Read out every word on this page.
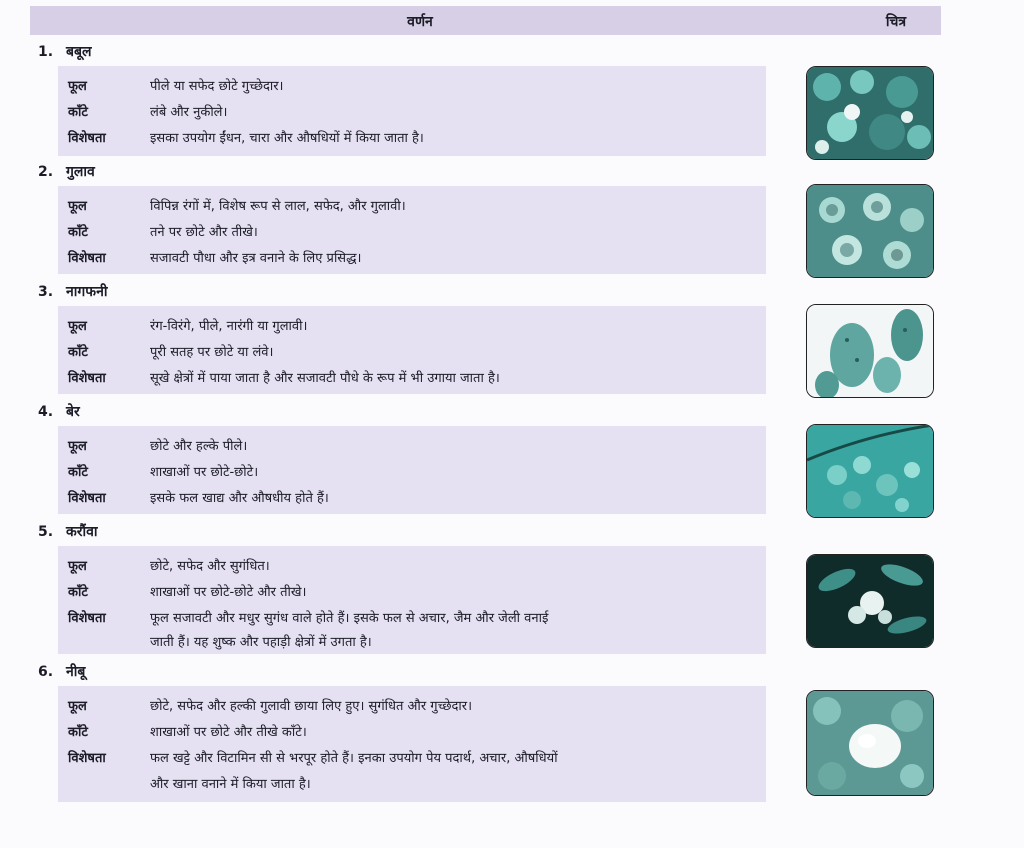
वर्णन	चित्र
1. बबूल
फूल	पीले या सफेद छोटे गुच्छेदार।
काँटे	लंबे और नुकीले।
विशेषता	इसका उपयोग ईंधन, चारा और औषधियों में किया जाता है।
2. गुलाव
फूल	विपिन्न रंगों में, विशेष रूप से लाल, सफेद, और गुलावी।
काँटे	तने पर छोटे और तीखे।
विशेषता	सजावटी पौधा और इत्र वनाने के लिए प्रसिद्ध।
3. नागफनी
फूल	रंग-विरंगे, पीले, नारंगी या गुलावी।
काँटे	पूरी सतह पर छोटे या लंवे।
विशेषता	सूखे क्षेत्रों में पाया जाता है और सजावटी पौधे के रूप में भी उगाया जाता है।
4. बेर
फूल	छोटे और हल्के पीले।
काँटे	शाखाओं पर छोटे-छोटे।
विशेषता	इसके फल खाद्य और औषधीय होते हैं।
5. करौंवा
फूल	छोटे, सफेद और सुगंधित।
काँटे	शाखाओं पर छोटे-छोटे और तीखे।
विशेषता	फूल सजावटी और मधुर सुगंध वाले होते हैं। इसके फल से अचार, जैम और जेली वनाई
जाती हैं। यह शुष्क और पहाड़ी क्षेत्रों में उगता है।
6. नीबू
फूल	छोटे, सफेद और हल्की गुलावी छाया लिए हुए। सुगंधित और गुच्छेदार।
काँटे	शाखाओं पर छोटे और तीखे काँटे।
विशेषता	फल खट्टे और विटामिन सी से भरपूर होते हैं। इनका उपयोग पेय पदार्थ, अचार, औषधियों
और खाना वनाने में किया जाता है।
